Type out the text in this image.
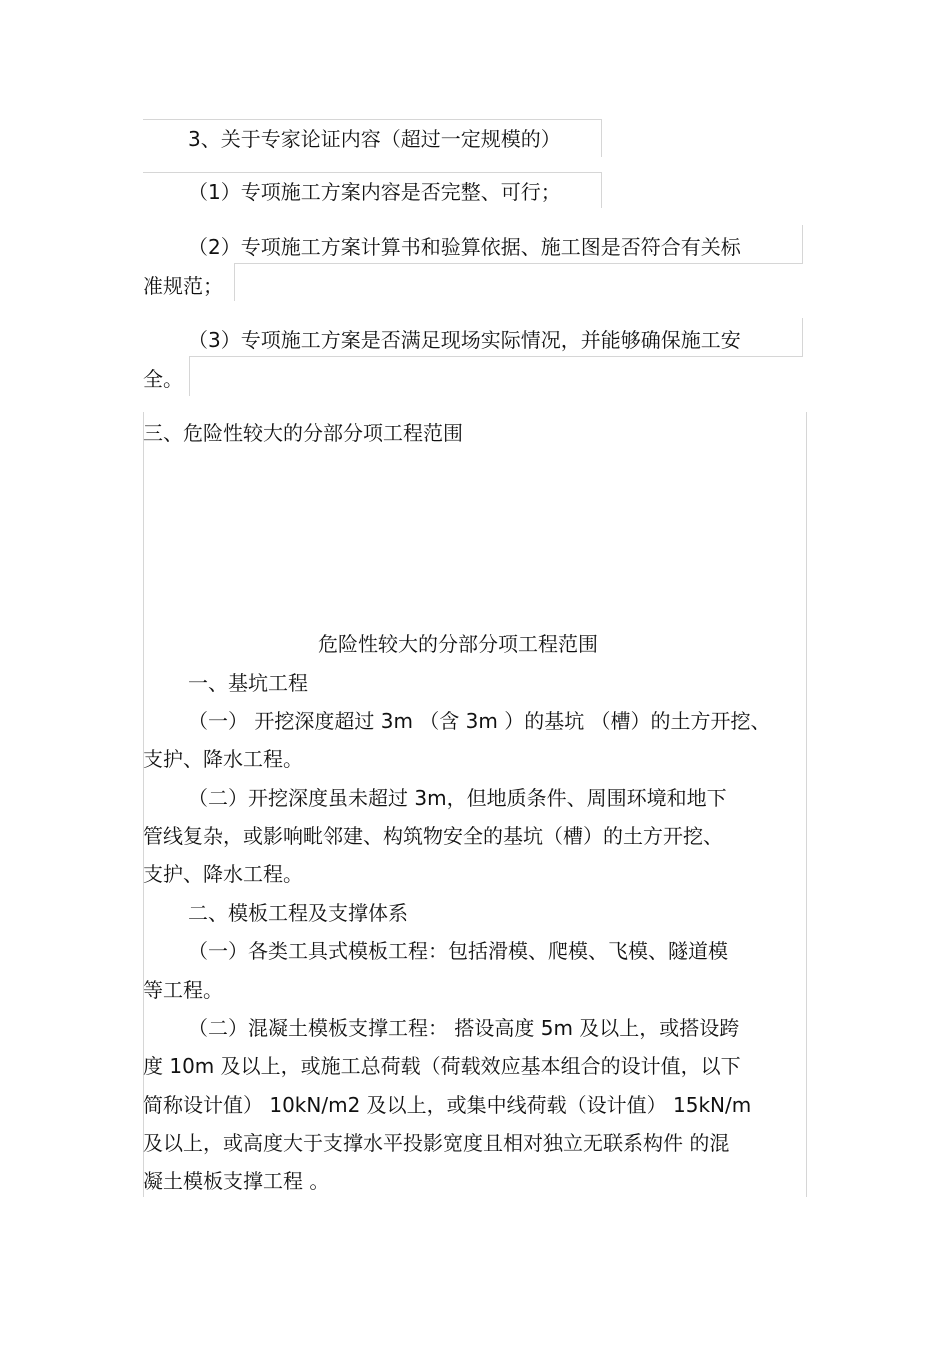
3、关于专家论证内容（超过一定规模的）
（1）专项施工方案内容是否完整、可行；
（2）专项施工方案计算书和验算依据、施工图是否符合有关标
准规范；
（3）专项施工方案是否满足现场实际情况，并能够确保施工安
全。
三、危险性较大的分部分项工程范围
危险性较大的分部分项工程范围
一、基坑工程
（一） 开挖深度超过 3m （含 3m ）的基坑 （槽）的土方开挖、
支护、降水工程。
（二）开挖深度虽未超过 3m，但地质条件、周围环境和地下
管线复杂，或影响毗邻建、构筑物安全的基坑（槽）的土方开挖、
支护、降水工程。
二、模板工程及支撑体系
（一）各类工具式模板工程：包括滑模、爬模、飞模、隧道模
等工程。
（二）混凝土模板支撑工程： 搭设高度 5m 及以上，或搭设跨
度 10m 及以上，或施工总荷载（荷载效应基本组合的设计值，以下
简称设计值） 10kN/m2 及以上，或集中线荷载（设计值） 15kN/m
及以上，或高度大于支撑水平投影宽度且相对独立无联系构件 的混
凝土模板支撑工程 。
